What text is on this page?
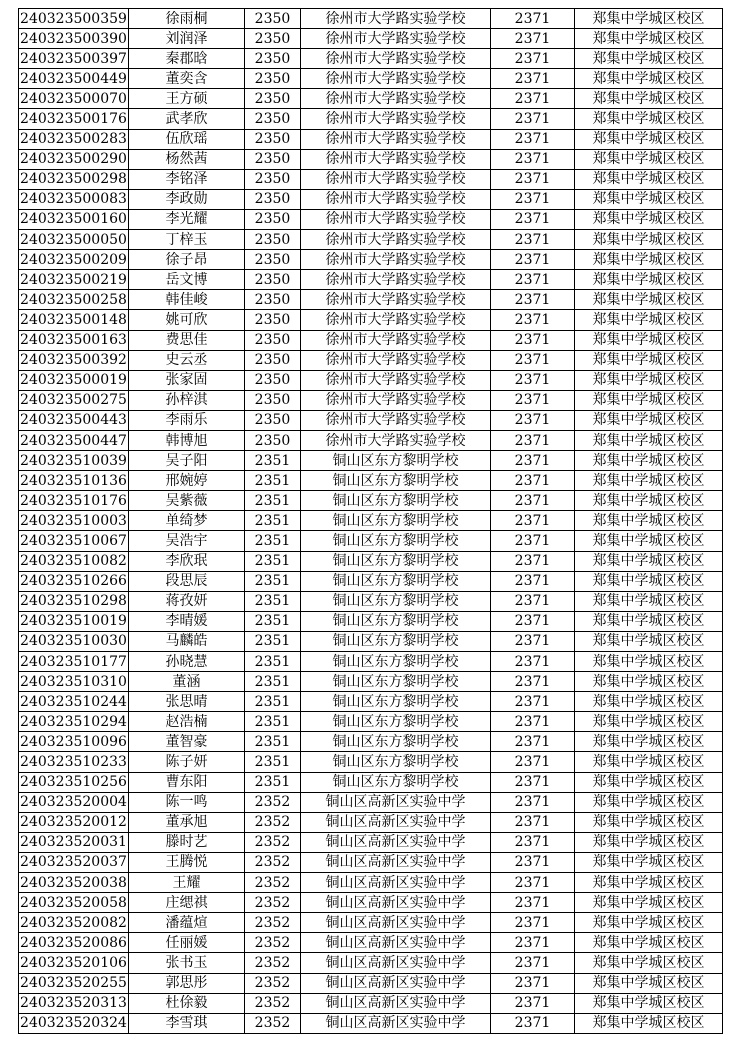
240323500359	徐雨桐	2350	徐州市大学路实验学校	2371	郑集中学城区校区
240323500390	刘润泽	2350	徐州市大学路实验学校	2371	郑集中学城区校区
240323500397	秦郡晗	2350	徐州市大学路实验学校	2371	郑集中学城区校区
240323500449	董奕含	2350	徐州市大学路实验学校	2371	郑集中学城区校区
240323500070	王方硕	2350	徐州市大学路实验学校	2371	郑集中学城区校区
240323500176	武孝欣	2350	徐州市大学路实验学校	2371	郑集中学城区校区
240323500283	伍欣瑶	2350	徐州市大学路实验学校	2371	郑集中学城区校区
240323500290	杨然茜	2350	徐州市大学路实验学校	2371	郑集中学城区校区
240323500298	李铭泽	2350	徐州市大学路实验学校	2371	郑集中学城区校区
240323500083	李政勋	2350	徐州市大学路实验学校	2371	郑集中学城区校区
240323500160	李光耀	2350	徐州市大学路实验学校	2371	郑集中学城区校区
240323500050	丁梓玉	2350	徐州市大学路实验学校	2371	郑集中学城区校区
240323500209	徐子昂	2350	徐州市大学路实验学校	2371	郑集中学城区校区
240323500219	岳文博	2350	徐州市大学路实验学校	2371	郑集中学城区校区
240323500258	韩佳峻	2350	徐州市大学路实验学校	2371	郑集中学城区校区
240323500148	姚可欣	2350	徐州市大学路实验学校	2371	郑集中学城区校区
240323500163	费思佳	2350	徐州市大学路实验学校	2371	郑集中学城区校区
240323500392	史云丞	2350	徐州市大学路实验学校	2371	郑集中学城区校区
240323500019	张家固	2350	徐州市大学路实验学校	2371	郑集中学城区校区
240323500275	孙梓淇	2350	徐州市大学路实验学校	2371	郑集中学城区校区
240323500443	李雨乐	2350	徐州市大学路实验学校	2371	郑集中学城区校区
240323500447	韩博旭	2350	徐州市大学路实验学校	2371	郑集中学城区校区
240323510039	吴子阳	2351	铜山区东方黎明学校	2371	郑集中学城区校区
240323510136	邢婉婷	2351	铜山区东方黎明学校	2371	郑集中学城区校区
240323510176	吴紫薇	2351	铜山区东方黎明学校	2371	郑集中学城区校区
240323510003	单绮梦	2351	铜山区东方黎明学校	2371	郑集中学城区校区
240323510067	吴浩宇	2351	铜山区东方黎明学校	2371	郑集中学城区校区
240323510082	李欣珉	2351	铜山区东方黎明学校	2371	郑集中学城区校区
240323510266	段思辰	2351	铜山区东方黎明学校	2371	郑集中学城区校区
240323510298	蒋孜妍	2351	铜山区东方黎明学校	2371	郑集中学城区校区
240323510019	李晴媛	2351	铜山区东方黎明学校	2371	郑集中学城区校区
240323510030	马麟皓	2351	铜山区东方黎明学校	2371	郑集中学城区校区
240323510177	孙晓慧	2351	铜山区东方黎明学校	2371	郑集中学城区校区
240323510310	董涵	2351	铜山区东方黎明学校	2371	郑集中学城区校区
240323510244	张思晴	2351	铜山区东方黎明学校	2371	郑集中学城区校区
240323510294	赵浩楠	2351	铜山区东方黎明学校	2371	郑集中学城区校区
240323510096	董智豪	2351	铜山区东方黎明学校	2371	郑集中学城区校区
240323510233	陈子妍	2351	铜山区东方黎明学校	2371	郑集中学城区校区
240323510256	曹东阳	2351	铜山区东方黎明学校	2371	郑集中学城区校区
240323520004	陈一鸣	2352	铜山区高新区实验中学	2371	郑集中学城区校区
240323520012	董承旭	2352	铜山区高新区实验中学	2371	郑集中学城区校区
240323520031	滕时艺	2352	铜山区高新区实验中学	2371	郑集中学城区校区
240323520037	王腾悦	2352	铜山区高新区实验中学	2371	郑集中学城区校区
240323520038	王耀	2352	铜山区高新区实验中学	2371	郑集中学城区校区
240323520058	庄缌祺	2352	铜山区高新区实验中学	2371	郑集中学城区校区
240323520082	潘蕴煊	2352	铜山区高新区实验中学	2371	郑集中学城区校区
240323520086	任丽媛	2352	铜山区高新区实验中学	2371	郑集中学城区校区
240323520106	张书玉	2352	铜山区高新区实验中学	2371	郑集中学城区校区
240323520255	郭思彤	2352	铜山区高新区实验中学	2371	郑集中学城区校区
240323520313	杜俆毅	2352	铜山区高新区实验中学	2371	郑集中学城区校区
240323520324	李雪琪	2352	铜山区高新区实验中学	2371	郑集中学城区校区
